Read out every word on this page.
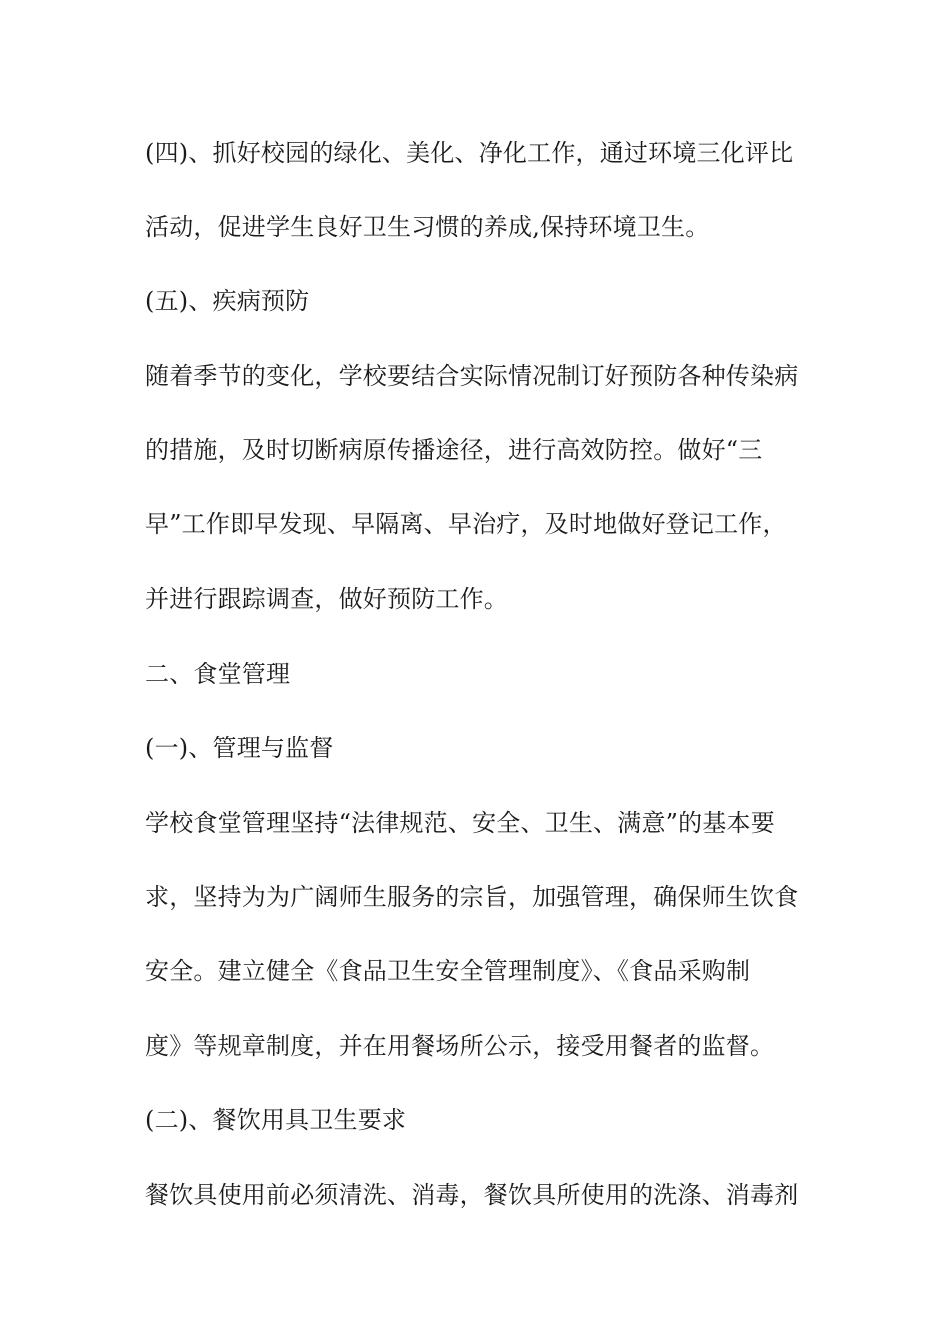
(四)、抓好校园的绿化、美化、净化工作，通过环境三化评比

活动，促进学生良好卫生习惯的养成,保持环境卫生。

(五)、疾病预防

随着季节的变化，学校要结合实际情况制订好预防各种传染病

的措施，及时切断病原传播途径，进行高效防控。做好“三

早”工作即早发现、早隔离、早治疗，及时地做好登记工作，

并进行跟踪调查，做好预防工作。

二、食堂管理

(一)、管理与监督

学校食堂管理坚持“法律规范、安全、卫生、满意”的基本要

求，坚持为为广阔师生服务的宗旨，加强管理，确保师生饮食

安全。建立健全《食品卫生安全管理制度》、《食品采购制

度》等规章制度，并在用餐场所公示，接受用餐者的监督。

(二)、餐饮用具卫生要求

餐饮具使用前必须清洗、消毒，餐饮具所使用的洗涤、消毒剂
